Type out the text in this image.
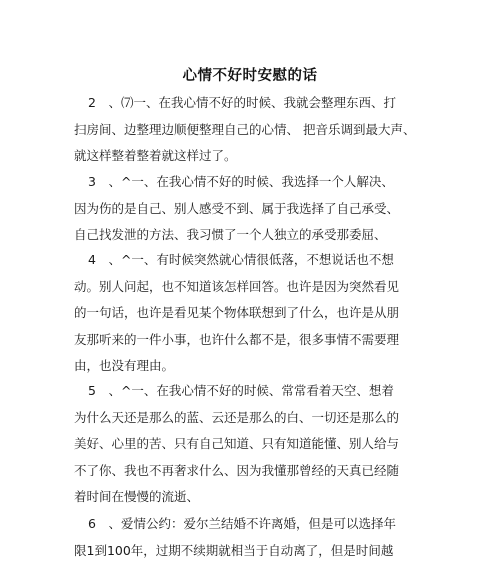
心情不好时安慰的话
2　、⑺一、在我心情不好的时候、我就会整理东西、打
扫房间、边整理边顺便整理自己的心情、 把音乐调到最大声、
就这样整着整着就这样过了。
3　、^一、在我心情不好的时候、我选择一个人解决、
因为伤的是自己、别人感受不到、属于我选择了自己承受、
自己找发泄的方法、我习惯了一个人独立的承受那委屈、
4　、^一、有时候突然就心情很低落，不想说话也不想
动。别人问起，也不知道该怎样回答。也许是因为突然看见
的一句话，也许是看见某个物体联想到了什么，也许是从朋
友那听来的一件小事，也许什么都不是，很多事情不需要理
由，也没有理由。
5　、^一、在我心情不好的时候、常常看着天空、想着
为什么天还是那么的蓝、云还是那么的白、一切还是那么的
美好、心里的苦、只有自己知道、只有知道能懂、别人给与
不了你、我也不再奢求什么、因为我懂那曾经的天真已经随
着时间在慢慢的流逝、
6　、爱情公约：爱尔兰结婚不许离婚，但是可以选择年
限1到100年，过期不续期就相当于自动离了，但是时间越
